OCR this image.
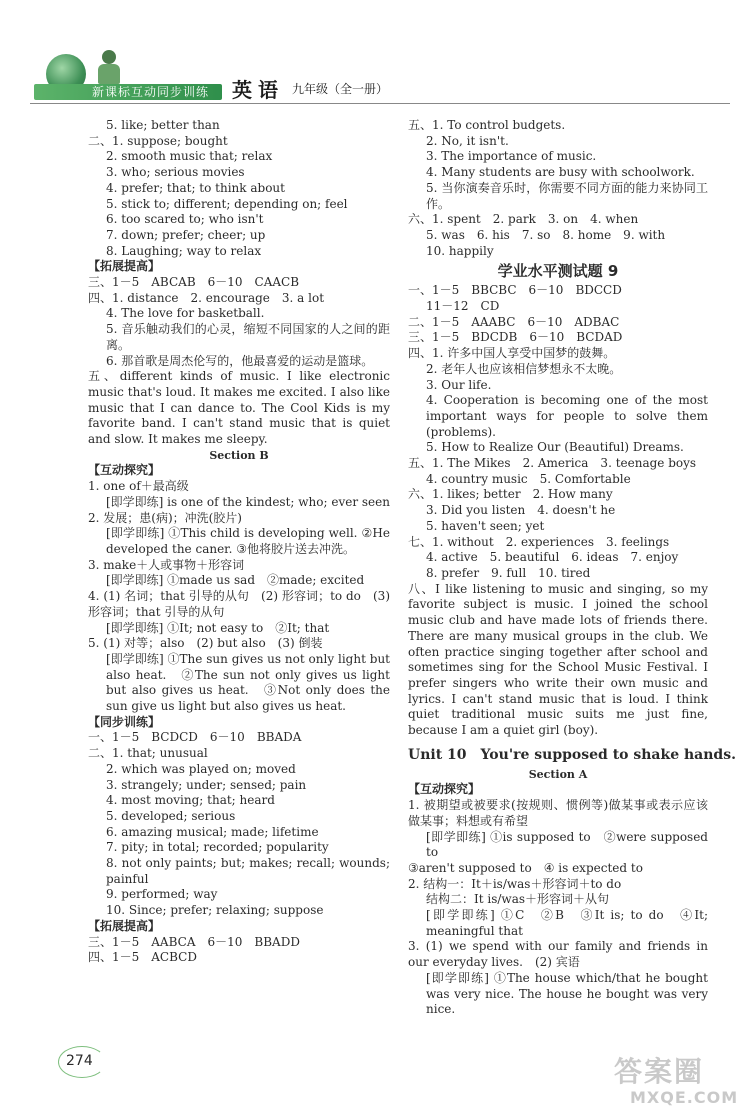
新课标互动同步训练 英语 九年级（全一册）
5. like; better than
二、1. suppose; bought
2. smooth music that; relax
3. who; serious movies
4. prefer; that; to think about
5. stick to; different; depending on; feel
6. too scared to; who isn't
7. down; prefer; cheer; up
8. Laughing; way to relax
【拓展提高】
三、1－5　ABCAB　6－10　CAACB
四、1. distance　2. encourage　3. a lot
4. The love for basketball.
5. 音乐触动我们的心灵，缩短不同国家的人之间的距离。
6. 那首歌是周杰伦写的，他最喜爱的运动是篮球。
五、different kinds of music. I like electronic music that's loud. It makes me excited. I also like music that I can dance to. The Cool Kids is my favorite band. I can't stand music that is quiet and slow. It makes me sleepy.
Section B
【互动探究】
1. one of＋最高级
[即学即练] is one of the kindest; who; ever seen
2. 发展；患(病)；冲洗(胶片)
[即学即练] ①This child is developing well. ②He developed the caner. ③他将胶片送去冲洗。
3. make＋人或事物＋形容词
[即学即练] ①made us sad　②made; excited
4. (1) 名词；that 引导的从句　(2) 形容词；to do　(3) 形容词；that 引导的从句
[即学即练] ①It; not easy to　②It; that
5. (1) 对等；also　(2) but also　(3) 倒装
[即学即练] ①The sun gives us not only light but also heat.　②The sun not only gives us light but also gives us heat.　③Not only does the sun give us light but also gives us heat.
【同步训练】
一、1－5　BCDCD　6－10　BBADA
二、1. that; unusual
2. which was played on; moved
3. strangely; under; sensed; pain
4. most moving; that; heard
5. developed; serious
6. amazing musical; made; lifetime
7. pity; in total; recorded; popularity
8. not only paints; but; makes; recall; wounds; painful
9. performed; way
10. Since; prefer; relaxing; suppose
【拓展提高】
三、1－5　AABCA　6－10　BBADD
四、1－5　ACBCD
五、1. To control budgets.
2. No, it isn't.
3. The importance of music.
4. Many students are busy with schoolwork.
5. 当你演奏音乐时，你需要不同方面的能力来协同工作。
六、1. spent　2. park　3. on　4. when
5. was　6. his　7. so　8. home　9. with
10. happily
学业水平测试题 9
一、1－5　BBCBC　6－10　BDCCD
11－12　CD
二、1－5　AAABC　6－10　ADBAC
三、1－5　BDCDB　6－10　BCDAD
四、1. 许多中国人享受中国梦的鼓舞。
2. 老年人也应该相信梦想永不太晚。
3. Our life.
4. Cooperation is becoming one of the most important ways for people to solve them (problems).
5. How to Realize Our (Beautiful) Dreams.
五、1. The Mikes　2. America　3. teenage boys
4. country music　5. Comfortable
六、1. likes; better　2. How many
3. Did you listen　4. doesn't he
5. haven't seen; yet
七、1. without　2. experiences　3. feelings
4. active　5. beautiful　6. ideas　7. enjoy
8. prefer　9. full　10. tired
八、I like listening to music and singing, so my favorite subject is music. I joined the school music club and have made lots of friends there. There are many musical groups in the club. We often practice singing together after school and sometimes sing for the School Music Festival. I prefer singers who write their own music and lyrics. I can't stand music that is loud. I think quiet traditional music suits me just fine, because I am a quiet girl (boy).
Unit 10　You're supposed to shake hands.
Section A
【互动探究】
1. 被期望或被要求(按规则、惯例等)做某事或表示应该做某事；料想或有希望
[即学即练] ①is supposed to　②were supposed to
③aren't supposed to　④ is expected to
2. 结构一：It＋is/was＋形容词＋to do
结构二：It is/was＋形容词＋从句
[即学即练] ①C　②B　③It is; to do　④It; meaningful that
3. (1) we spend with our family and friends in our everyday lives.　(2) 宾语
[即学即练] ①The house which/that he bought was very nice. The house he bought was very nice.
274	答案圈
MXQE.COM
